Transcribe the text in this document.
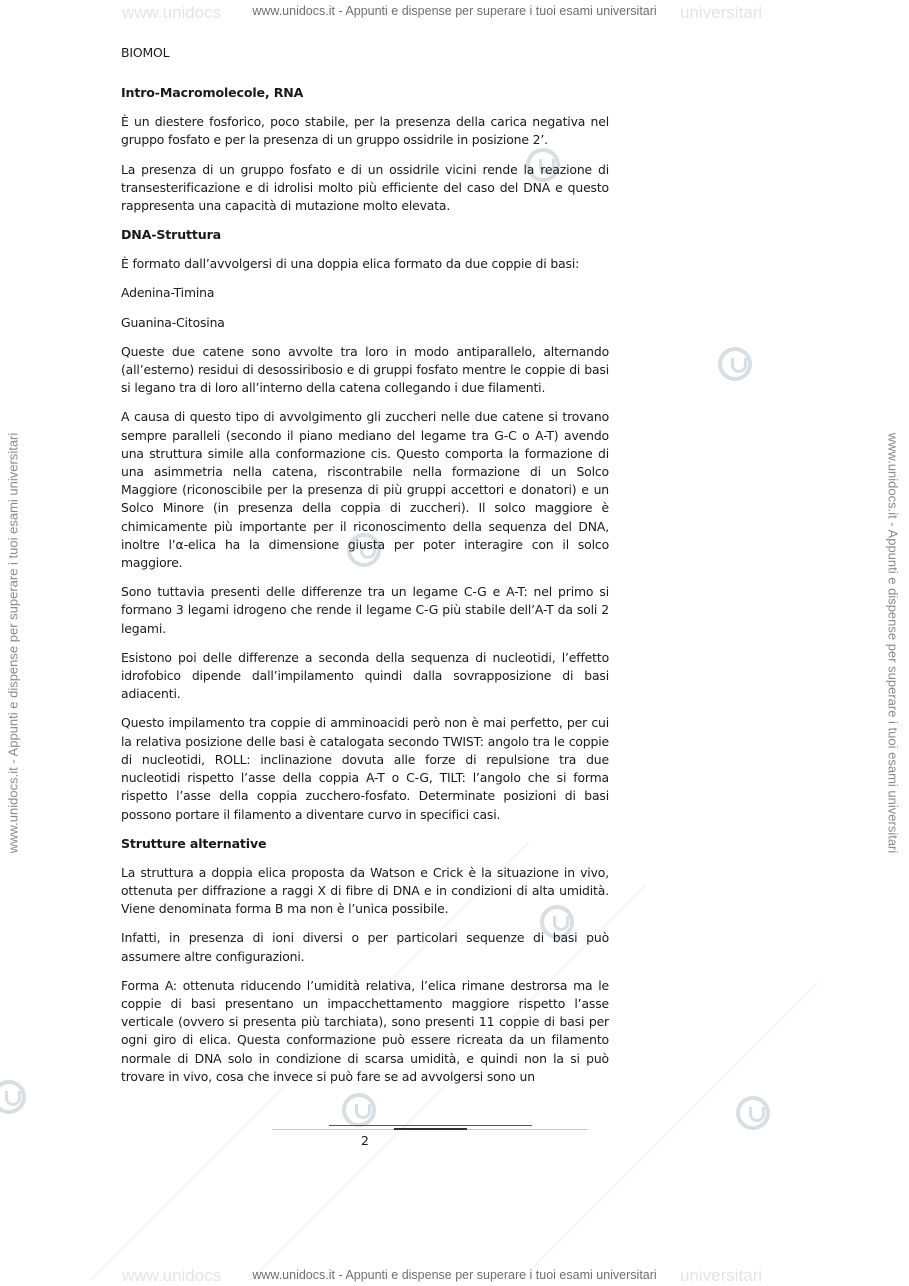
www.unidocs	universitari
www.unidocs	universitari
www.unidocs.it - Appunti e dispense per superare i tuoi esami universitari
www.unidocs.it - Appunti e dispense per superare i tuoi esami universitari
www.unidocs.it - Appunti e dispense per superare i tuoi esami universitari	www.unidocs.it - Appunti e dispense per superare i tuoi esami universitari
BIOMOL
Intro-Macromolecole, RNA

È un diestere fosforico, poco stabile, per la presenza della carica negativa nel gruppo fosfato e per la presenza di un gruppo ossidrile in posizione 2’.

La presenza di un gruppo fosfato e di un ossidrile vicini rende la reazione di transesterificazione e di idrolisi molto più efficiente del caso del DNA e questo rappresenta una capacità di mutazione molto elevata.

DNA-Struttura

È formato dall’avvolgersi di una doppia elica formato da due coppie di basi:

Adenina-Timina

Guanina-Citosina

Queste due catene sono avvolte tra loro in modo antiparallelo, alternando (all’esterno) residui di desossiribosio e di gruppi fosfato mentre le coppie di basi si legano tra di loro all’interno della catena collegando i due filamenti.

A causa di questo tipo di avvolgimento gli zuccheri nelle due catene si trovano sempre paralleli (secondo il piano mediano del legame tra G-C o A-T) avendo una struttura simile alla conformazione cis. Questo comporta la formazione di una asimmetria nella catena, riscontrabile nella formazione di un Solco Maggiore (riconoscibile per la presenza di più gruppi accettori e donatori) e un Solco Minore (in presenza della coppia di zuccheri). Il solco maggiore è chimicamente più importante per il riconoscimento della sequenza del DNA, inoltre l’α-elica ha la dimensione giusta per poter interagire con il solco maggiore.

Sono tuttavia presenti delle differenze tra un legame C-G e A-T: nel primo si formano 3 legami idrogeno che rende il legame C-G più stabile dell’A-T da soli 2 legami.

Esistono poi delle differenze a seconda della sequenza di nucleotidi, l’effetto idrofobico dipende dall’impilamento quindi dalla sovrapposizione di basi adiacenti.

Questo impilamento tra coppie di amminoacidi però non è mai perfetto, per cui la relativa posizione delle basi è catalogata secondo TWIST: angolo tra le coppie di nucleotidi, ROLL: inclinazione dovuta alle forze di repulsione tra due nucleotidi rispetto l’asse della coppia A-T o C-G, TILT: l’angolo che si forma rispetto l’asse della coppia zucchero-fosfato. Determinate posizioni di basi possono portare il filamento a diventare curvo in specifici casi.

Strutture alternative

La struttura a doppia elica proposta da Watson e Crick è la situazione in vivo, ottenuta per diffrazione a raggi X di fibre di DNA e in condizioni di alta umidità. Viene denominata forma B ma non è l’unica possibile.

Infatti, in presenza di ioni diversi o per particolari sequenze di basi può assumere altre configurazioni.

Forma A: ottenuta riducendo l’umidità relativa, l’elica rimane destrorsa ma le coppie di basi presentano un impacchettamento maggiore rispetto l’asse verticale (ovvero si presenta più tarchiata), sono presenti 11 coppie di basi per ogni giro di elica. Questa conformazione può essere ricreata da un filamento normale di DNA solo in condizione di scarsa umidità, e quindi non la si può trovare in vivo, cosa che invece si può fare se ad avvolgersi sono un

2
